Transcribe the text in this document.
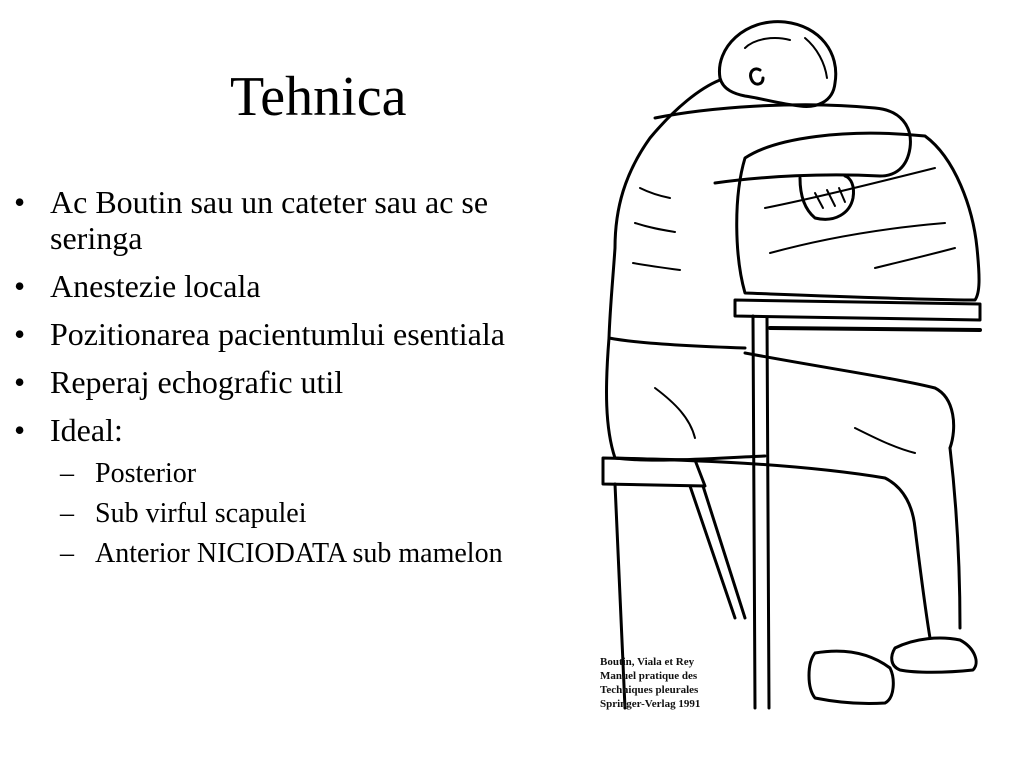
Tehnica
• Ac Boutin sau un cateter sau ac se seringa
• Anestezie locala
• Pozitionarea pacientumlui esentiala
• Reperaj echografic util
• Ideal:
– Posterior
– Sub virful scapulei
– Anterior NICIODATA sub mamelon
Boutin, Viala et Rey
Manuel pratique des
Techniques pleurales
Springer-Verlag 1991
